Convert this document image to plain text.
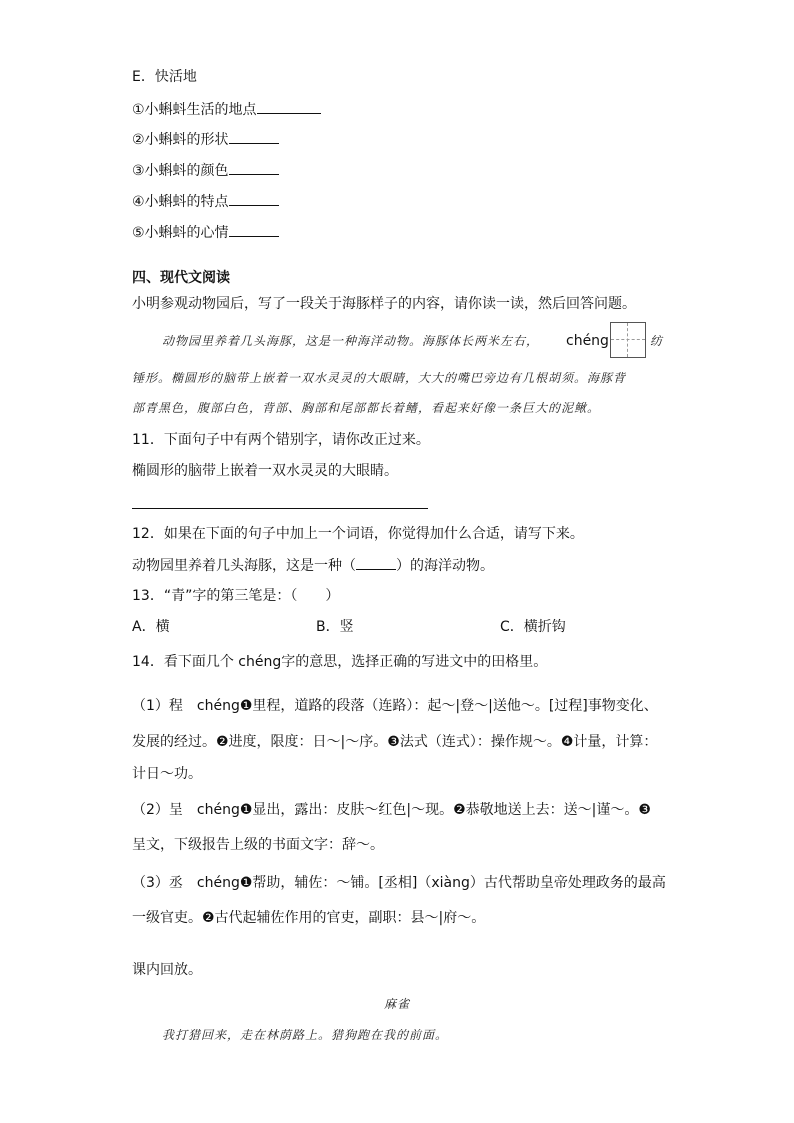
E．快活地
①小蝌蚪生活的地点
②小蝌蚪的形状
③小蝌蚪的颜色
④小蝌蚪的特点
⑤小蝌蚪的心情
四、现代文阅读
小明参观动物园后，写了一段关于海豚样子的内容，请你读一读，然后回答问题。
动物园里养着几头海豚，这是一种海洋动物。海豚体长两米左右， chéng	纺
锤形。椭圆形的脑带上嵌着一双水灵灵的大眼睛，大大的嘴巴旁边有几根胡须。海豚背
部青黑色，腹部白色，背部、胸部和尾部都长着鳍，看起来好像一条巨大的泥鳅。
11．下面句子中有两个错别字，请你改正过来。
椭圆形的脑带上嵌着一双水灵灵的大眼睛。
12．如果在下面的句子中加上一个词语，你觉得加什么合适，请写下来。
动物园里养着几头海豚，这是一种（	）的海洋动物。
13．“青”字的第三笔是：（　　）
A．横	B．竖	C．横折钩
14．看下面几个 chéng字的意思，选择正确的写进文中的田格里。
（1）程　chéng❶里程，道路的段落（连路）：起～|登～|送他～。[过程]事物变化、
发展的经过。❷进度，限度：日～|～序。❸法式（连式）：操作规～。❹计量，计算：
计日～功。
（2）呈　chéng❶显出，露出：皮肤～红色|～现。❷恭敬地送上去：送～|谨～。❸
呈文，下级报告上级的书面文字：辞～。
（3）丞　chéng❶帮助，辅佐：～铺。[丞相]（xiàng）古代帮助皇帝处理政务的最高
一级官吏。❷古代起辅佐作用的官吏，副职：县～|府～。
课内回放。
麻雀
我打猎回来，走在林荫路上。猎狗跑在我的前面。
